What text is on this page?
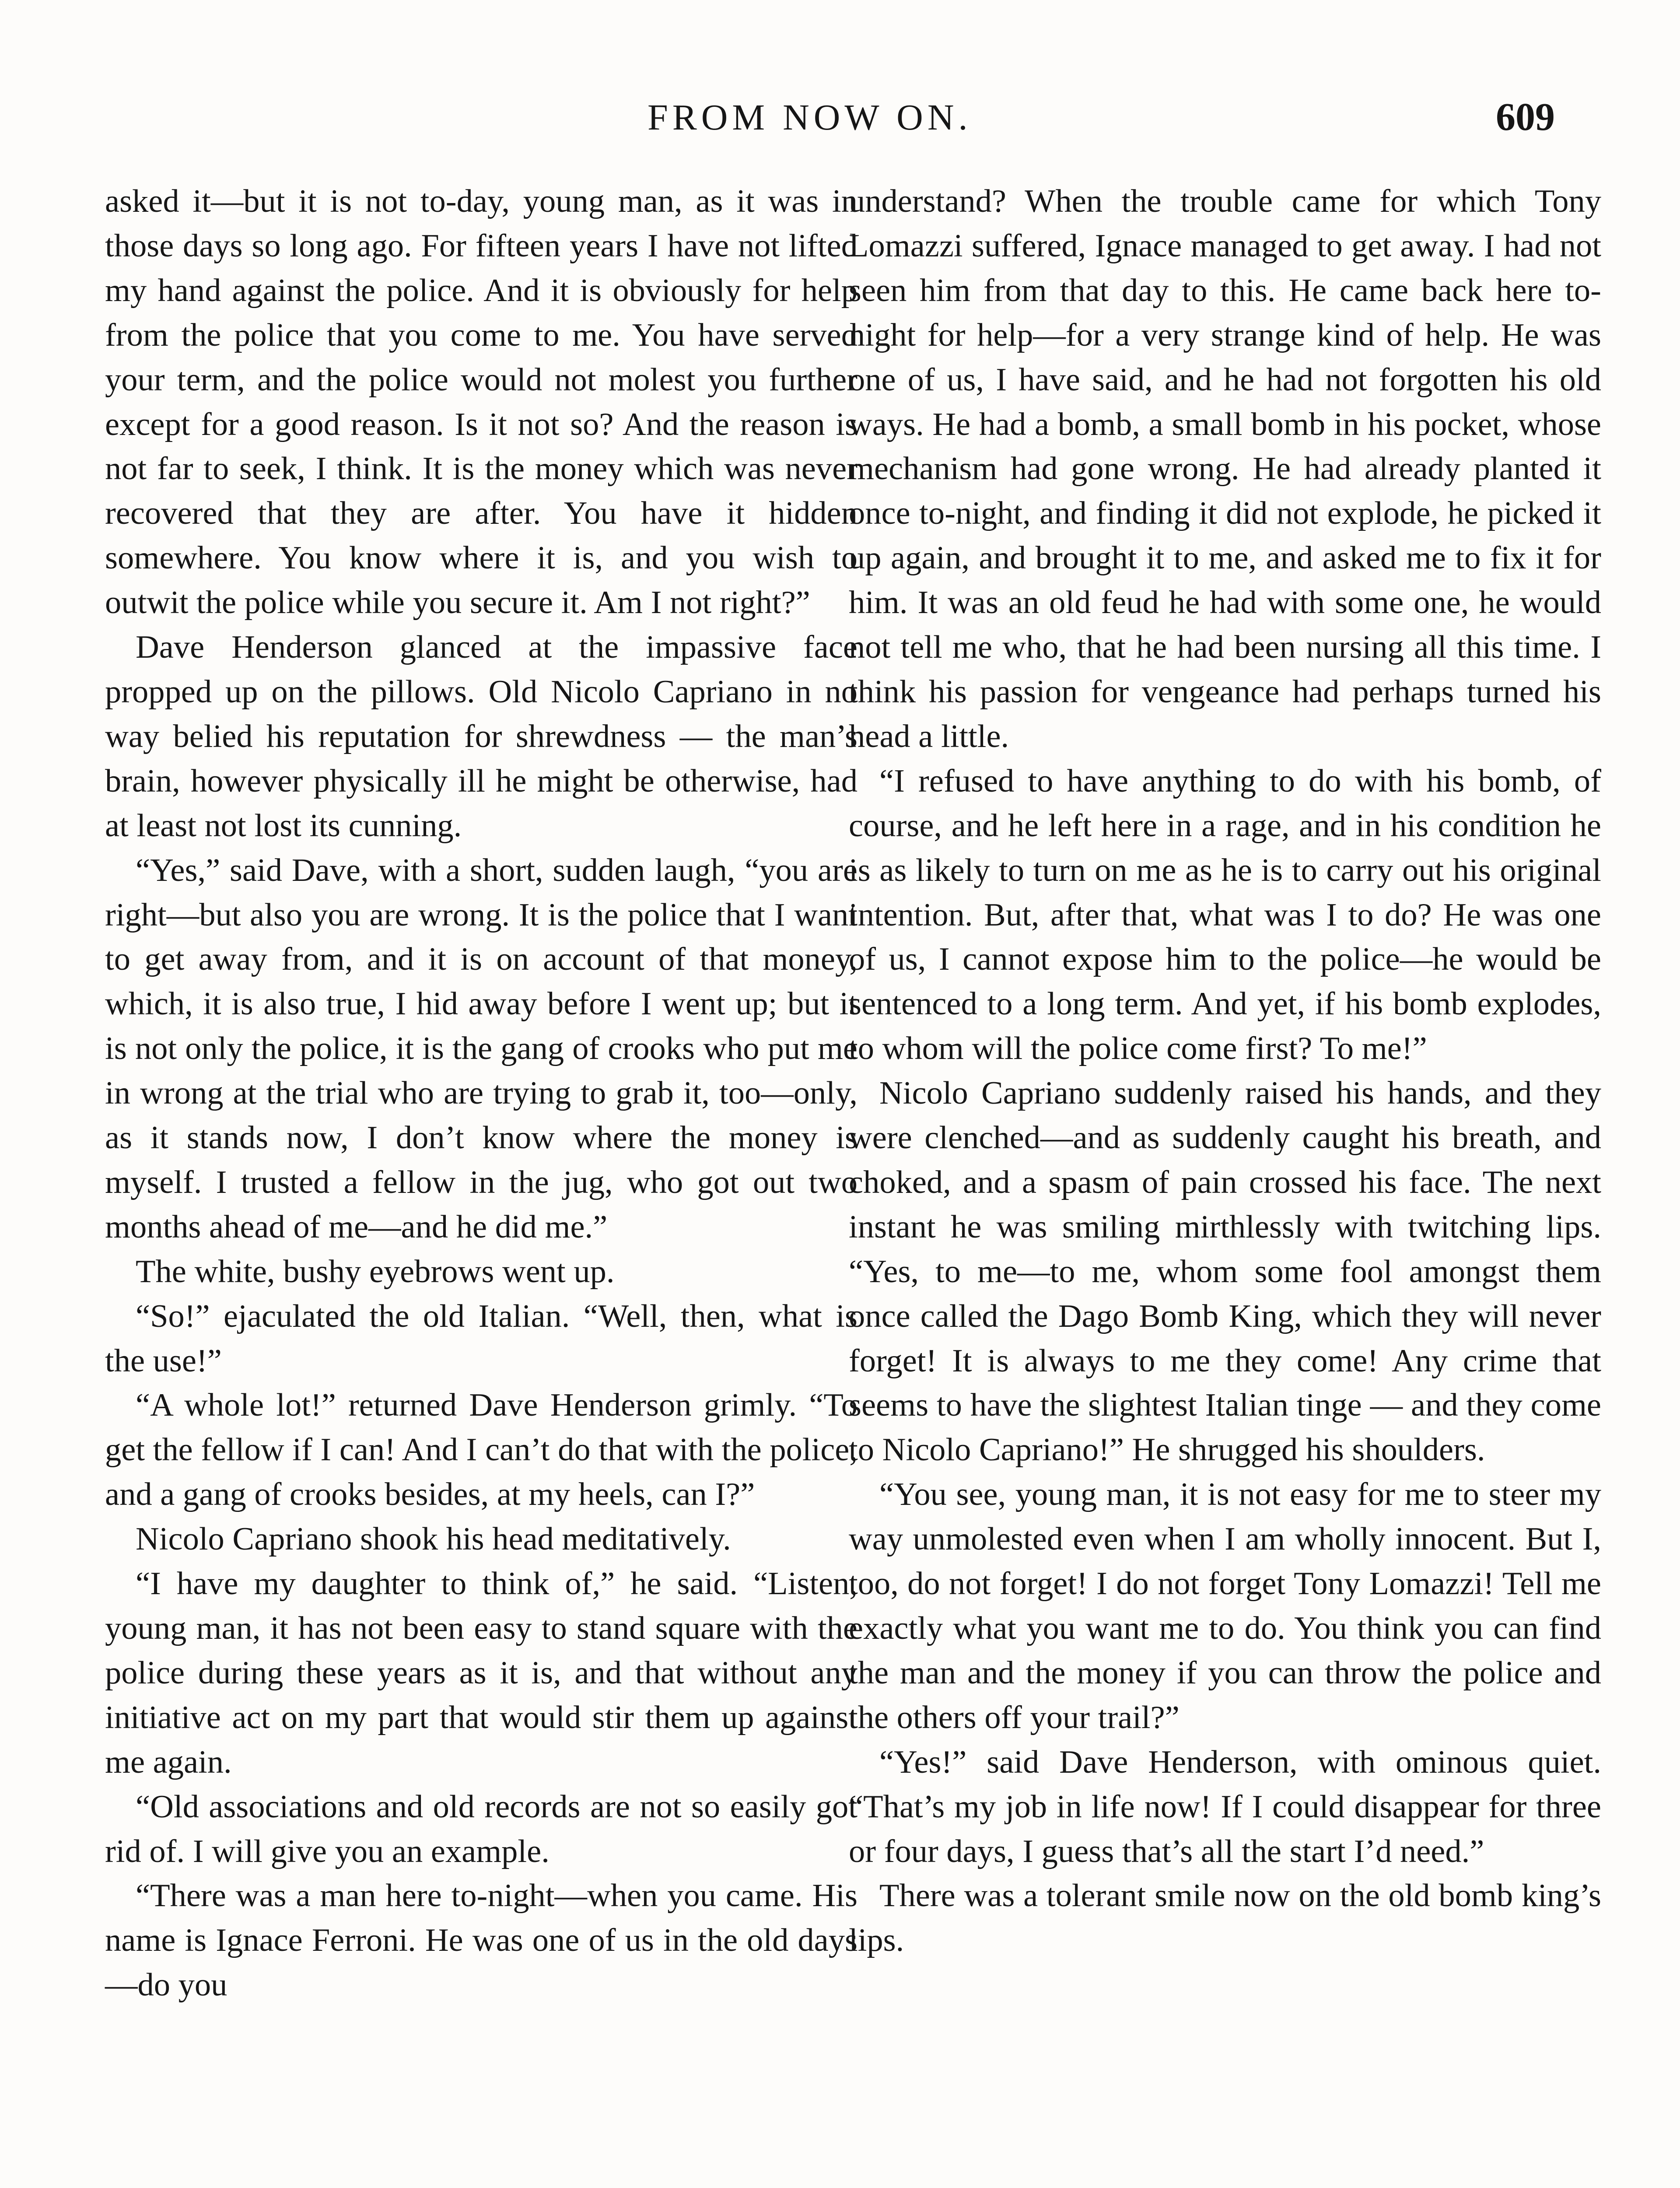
FROM NOW ON.	609

asked it—but it is not to-day, young man, as it was in those days so long ago. For fifteen years I have not lifted my hand against the police. And it is obviously for help from the police that you come to me. You have served your term, and the police would not molest you further except for a good reason. Is it not so? And the reason is not far to seek, I think. It is the money which was never recovered that they are after. You have it hidden somewhere. You know where it is, and you wish to outwit the police while you secure it. Am I not right?”

Dave Henderson glanced at the impassive face propped up on the pillows. Old Nicolo Capriano in no way belied his reputation for shrewdness — the man’s brain, however physically ill he might be otherwise, had at least not lost its cunning.

“Yes,” said Dave, with a short, sudden laugh, “you are right—but also you are wrong. It is the police that I want to get away from, and it is on account of that money, which, it is also true, I hid away before I went up; but it is not only the police, it is the gang of crooks who put me in wrong at the trial who are trying to grab it, too—only, as it stands now, I don’t know where the money is myself. I trusted a fellow in the jug, who got out two months ahead of me—and he did me.”

The white, bushy eyebrows went up.

“So!” ejaculated the old Italian. “Well, then, what is the use!”

“A whole lot!” returned Dave Henderson grimly. “To get the fellow if I can! And I can’t do that with the police, and a gang of crooks besides, at my heels, can I?”

Nicolo Capriano shook his head meditatively.

“I have my daughter to think of,” he said. “Listen, young man, it has not been easy to stand square with the police during these years as it is, and that without any initiative act on my part that would stir them up against me again.

“Old associations and old records are not so easily got rid of. I will give you an example.

“There was a man here to-night—when you came. His name is Ignace Ferroni. He was one of us in the old days—do you

understand? When the trouble came for which Tony Lomazzi suffered, Ignace managed to get away. I had not seen him from that day to this. He came back here to-night for help—for a very strange kind of help. He was one of us, I have said, and he had not forgotten his old ways. He had a bomb, a small bomb in his pocket, whose mechanism had gone wrong. He had already planted it once to-night, and finding it did not explode, he picked it up again, and brought it to me, and asked me to fix it for him. It was an old feud he had with some one, he would not tell me who, that he had been nursing all this time. I think his passion for vengeance had perhaps turned his head a little.

“I refused to have anything to do with his bomb, of course, and he left here in a rage, and in his condition he is as likely to turn on me as he is to carry out his original intention. But, after that, what was I to do? He was one of us, I cannot expose him to the police—he would be sentenced to a long term. And yet, if his bomb explodes, to whom will the police come first? To me!”

Nicolo Capriano suddenly raised his hands, and they were clenched—and as suddenly caught his breath, and choked, and a spasm of pain crossed his face. The next instant he was smiling mirthlessly with twitching lips. “Yes, to me—to me, whom some fool amongst them once called the Dago Bomb King, which they will never forget! It is always to me they come! Any crime that seems to have the slightest Italian tinge — and they come to Nicolo Capriano!” He shrugged his shoulders.

“You see, young man, it is not easy for me to steer my way unmolested even when I am wholly innocent. But I, too, do not forget! I do not forget Tony Lomazzi! Tell me exactly what you want me to do. You think you can find the man and the money if you can throw the police and the others off your trail?”

“Yes!” said Dave Henderson, with ominous quiet. “That’s my job in life now! If I could disappear for three or four days, I guess that’s all the start I’d need.”

There was a tolerant smile now on the old bomb king’s lips.
